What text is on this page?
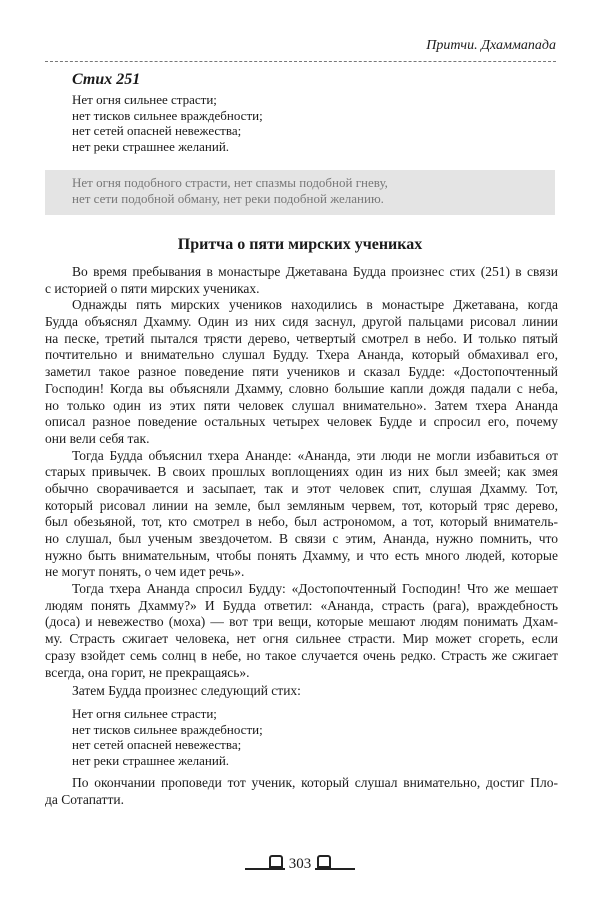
Притчи. Дхаммапада
Стих 251
Нет огня сильнее страсти;
нет тисков сильнее враждебности;
нет сетей опасней невежества;
нет реки страшнее желаний.
Нет огня подобного страсти, нет спазмы подобной гневу,
нет сети подобной обману, нет реки подобной желанию.
Притча о пяти мирских учениках
Во время пребывания в монастыре Джетавана Будда произнес стих (251) в связи
с историей о пяти мирских учениках.
Однажды пять мирских учеников находились в монастыре Джетавана, когда
Будда объяснял Дхамму. Один из них сидя заснул, другой пальцами рисовал линии
на песке, третий пытался трясти дерево, четвертый смотрел в небо. И только пятый
почтительно и внимательно слушал Будду. Тхера Ананда, который обмахивал его,
заметил такое разное поведение пяти учеников и сказал Будде: «Достопочтенный
Господин! Когда вы объясняли Дхамму, словно большие капли дождя падали с неба,
но только один из этих пяти человек слушал внимательно». Затем тхера Ананда
описал разное поведение остальных четырех человек Будде и спросил его, почему
они вели себя так.
Тогда Будда объяснил тхера Ананде: «Ананда, эти люди не могли избавиться от
старых привычек. В своих прошлых воплощениях один из них был змеей; как змея
обычно сворачивается и засыпает, так и этот человек спит, слушая Дхамму. Тот,
который рисовал линии на земле, был земляным червем, тот, который тряс дерево,
был обезьяной, тот, кто смотрел в небо, был астрономом, а тот, который вниматель-
но слушал, был ученым звездочетом. В связи с этим, Ананда, нужно помнить, что
нужно быть внимательным, чтобы понять Дхамму, и что есть много людей, которые
не могут понять, о чем идет речь».
Тогда тхера Ананда спросил Будду: «Достопочтенный Господин! Что же мешает
людям понять Дхамму?» И Будда ответил: «Ананда, страсть (рага), враждебность
(доса) и невежество (моха) — вот три вещи, которые мешают людям понимать Дхам-
му. Страсть сжигает человека, нет огня сильнее страсти. Мир может сгореть, если
сразу взойдет семь солнц в небе, но такое случается очень редко. Страсть же сжигает
всегда, она горит, не прекращаясь».
Затем Будда произнес следующий стих:
Нет огня сильнее страсти;
нет тисков сильнее враждебности;
нет сетей опасней невежества;
нет реки страшнее желаний.
По окончании проповеди тот ученик, который слушал внимательно, достиг Пло-
да Сотапатти.
303
